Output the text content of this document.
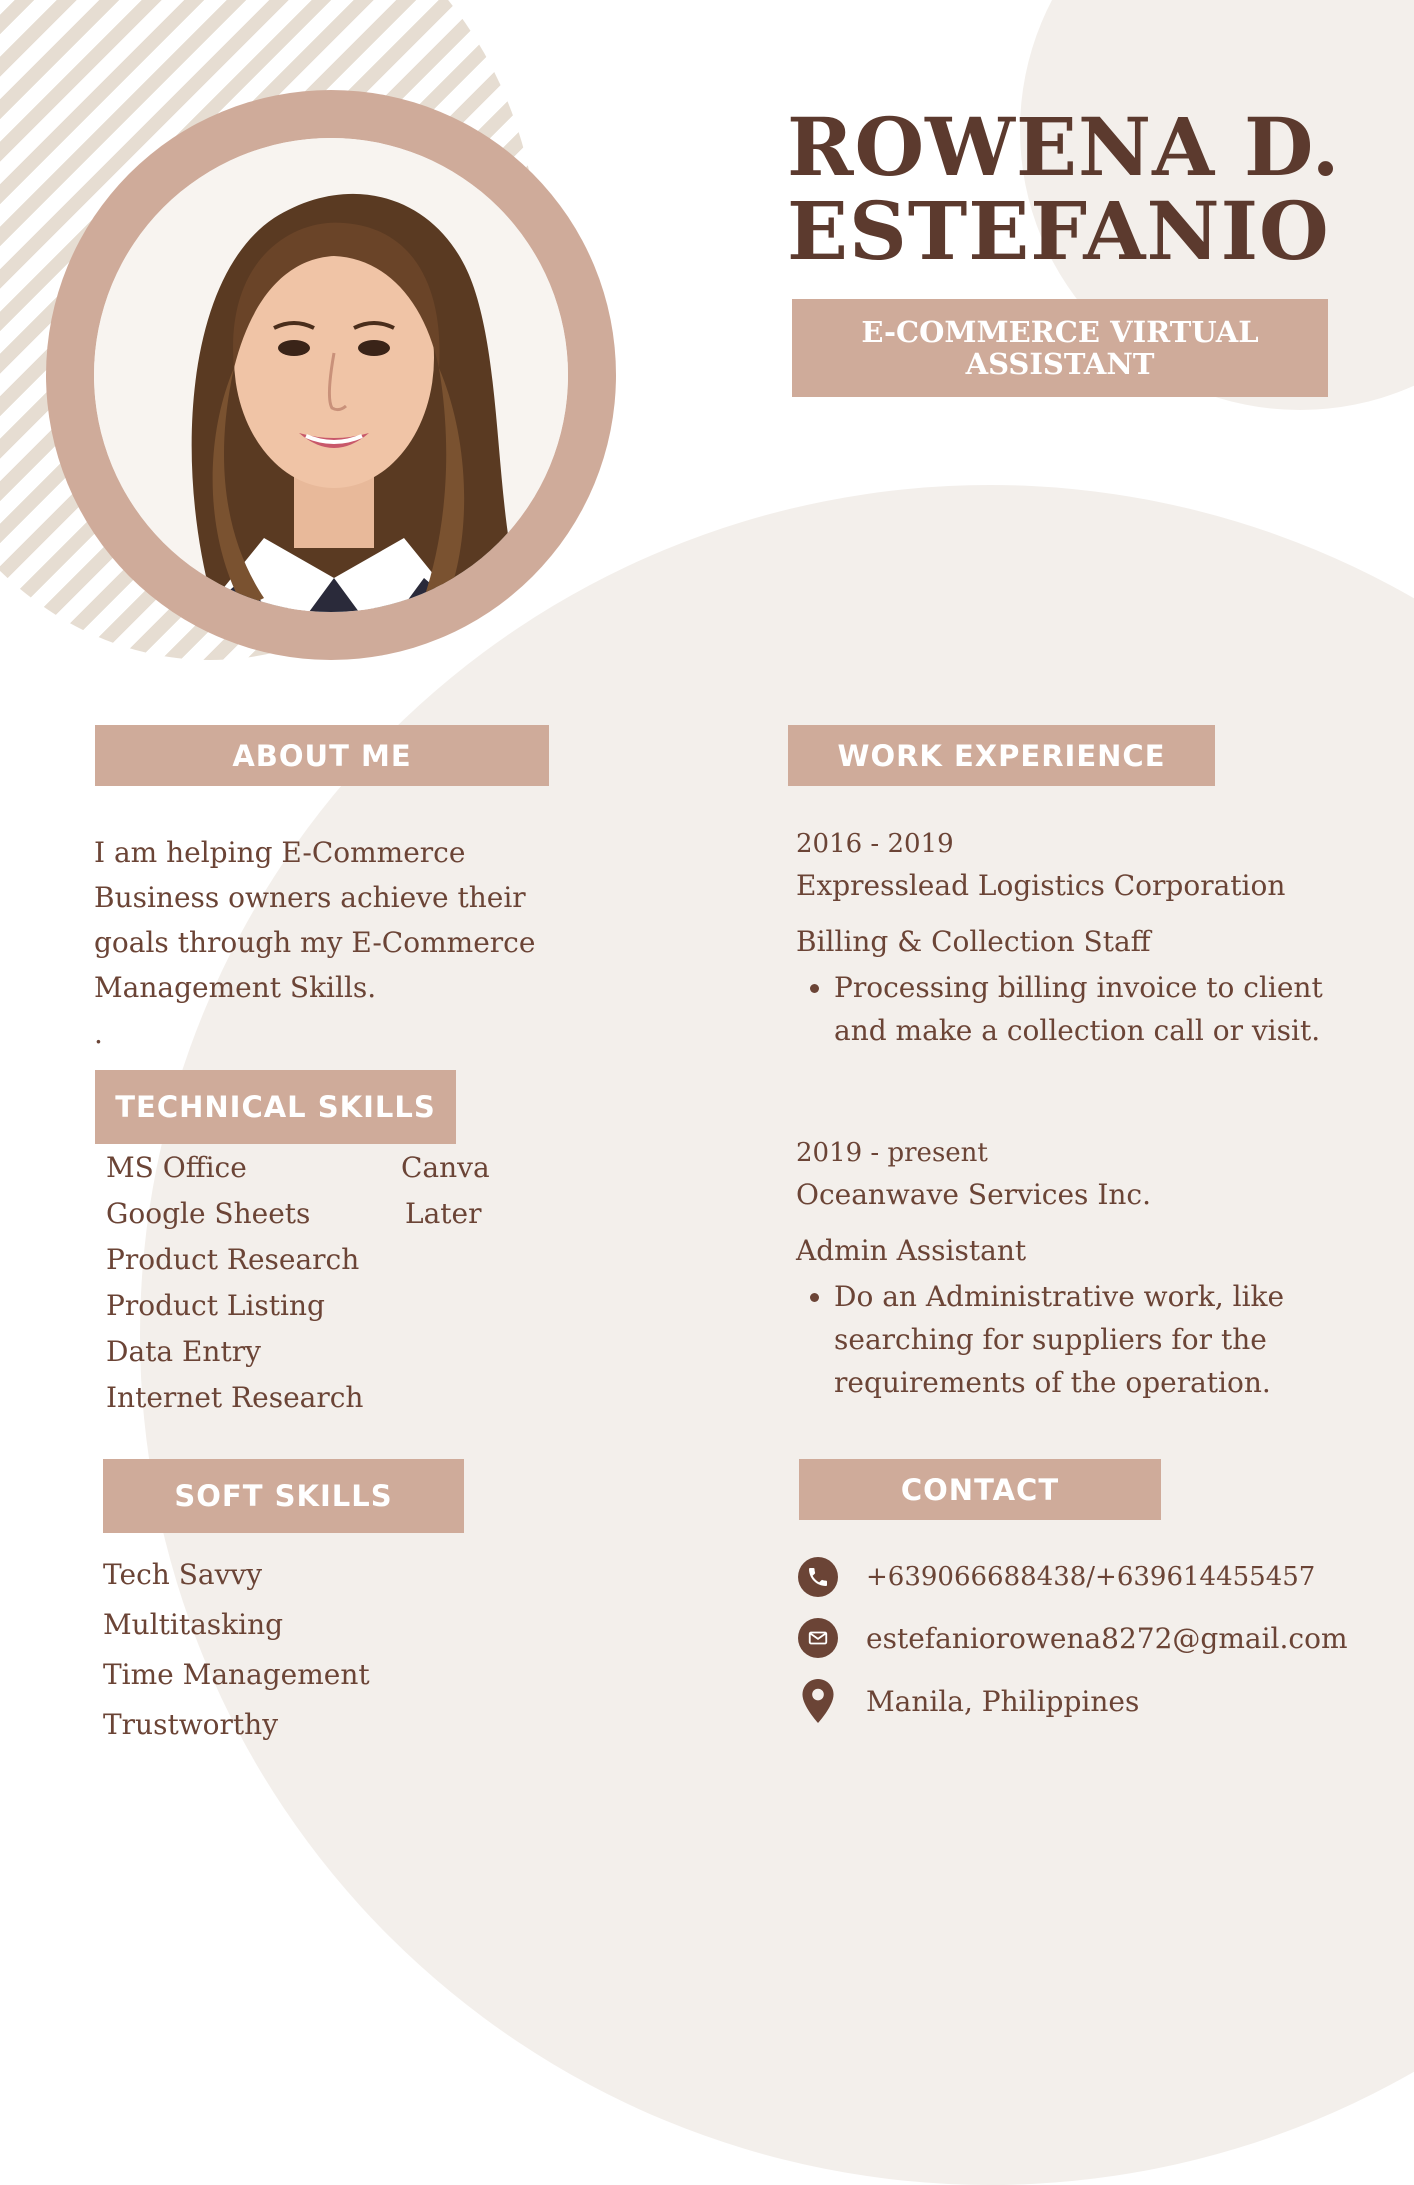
ROWENA D.
ESTEFANIO
E-COMMERCE VIRTUAL ASSISTANT
ABOUT ME
I am helping E-Commerce Business owners achieve their goals through my E-Commerce Management Skills.
.
TECHNICAL SKILLS
MS Office
Google Sheets
Product Research
Product Listing
Data Entry
Internet Research
Canva
Later
SOFT SKILLS
Tech Savvy
Multitasking
Time Management
Trustworthy
WORK EXPERIENCE
2016 - 2019
Expresslead Logistics Corporation
Billing & Collection Staff
• Processing billing invoice to client and make a collection call or visit.
2019 - present
Oceanwave Services Inc.
Admin Assistant
• Do an Administrative work, like searching for suppliers for the requirements of the operation.
CONTACT
+639066688438/+639614455457
estefaniorowena8272@gmail.com
Manila, Philippines
